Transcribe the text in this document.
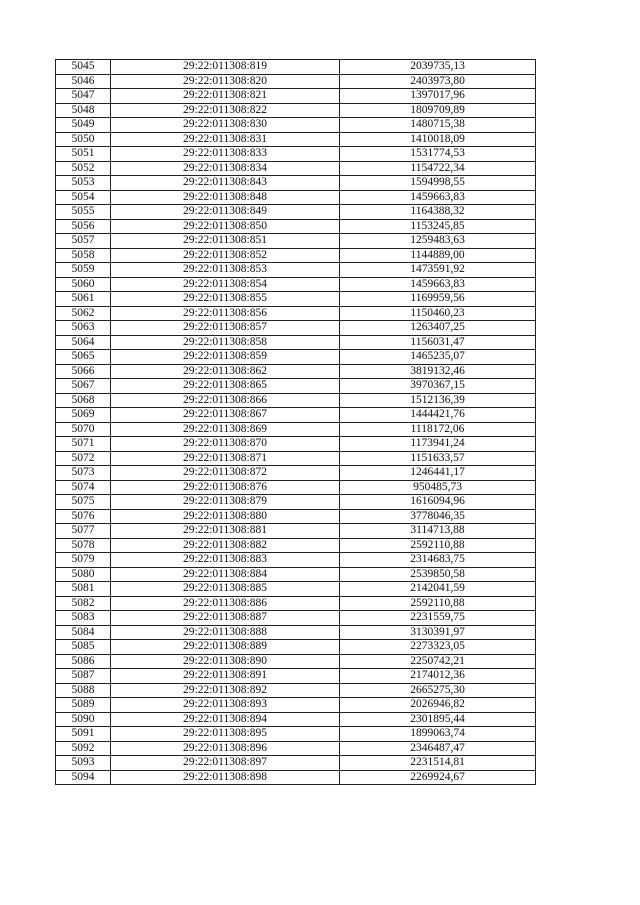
5045	29:22:011308:819	2039735,13
5046	29:22:011308:820	2403973,80
5047	29:22:011308:821	1397017,96
5048	29:22:011308:822	1809709,89
5049	29:22:011308:830	1480715,38
5050	29:22:011308:831	1410018,09
5051	29:22:011308:833	1531774,53
5052	29:22:011308:834	1154722,34
5053	29:22:011308:843	1594998,55
5054	29:22:011308:848	1459663,83
5055	29:22:011308:849	1164388,32
5056	29:22:011308:850	1153245,85
5057	29:22:011308:851	1259483,63
5058	29:22:011308:852	1144889,00
5059	29:22:011308:853	1473591,92
5060	29:22:011308:854	1459663,83
5061	29:22:011308:855	1169959,56
5062	29:22:011308:856	1150460,23
5063	29:22:011308:857	1263407,25
5064	29:22:011308:858	1156031,47
5065	29:22:011308:859	1465235,07
5066	29:22:011308:862	3819132,46
5067	29:22:011308:865	3970367,15
5068	29:22:011308:866	1512136,39
5069	29:22:011308:867	1444421,76
5070	29:22:011308:869	1118172,06
5071	29:22:011308:870	1173941,24
5072	29:22:011308:871	1151633,57
5073	29:22:011308:872	1246441,17
5074	29:22:011308:876	950485,73
5075	29:22:011308:879	1616094,96
5076	29:22:011308:880	3778046,35
5077	29:22:011308:881	3114713,88
5078	29:22:011308:882	2592110,88
5079	29:22:011308:883	2314683,75
5080	29:22:011308:884	2539850,58
5081	29:22:011308:885	2142041,59
5082	29:22:011308:886	2592110,88
5083	29:22:011308:887	2231559,75
5084	29:22:011308:888	3130391,97
5085	29:22:011308:889	2273323,05
5086	29:22:011308:890	2250742,21
5087	29:22:011308:891	2174012,36
5088	29:22:011308:892	2665275,30
5089	29:22:011308:893	2026946,82
5090	29:22:011308:894	2301895,44
5091	29:22:011308:895	1899063,74
5092	29:22:011308:896	2346487,47
5093	29:22:011308:897	2231514,81
5094	29:22:011308:898	2269924,67
